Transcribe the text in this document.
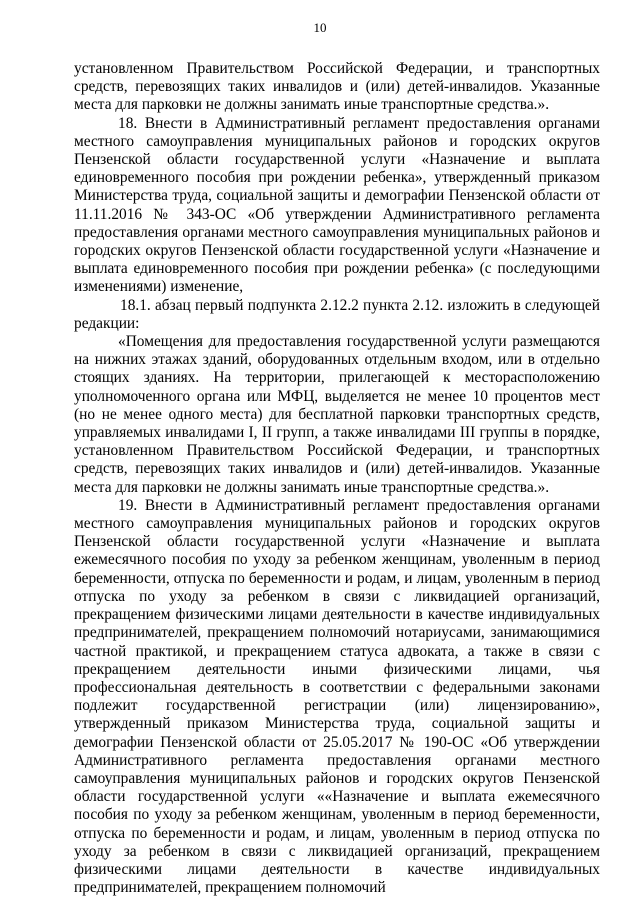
10

установленном Правительством Российской Федерации, и транспортных средств, перевозящих таких инвалидов и (или) детей-инвалидов. Указанные места для парковки не должны занимать иные транспортные средства.».

18. Внести в Административный регламент предоставления органами местного самоуправления муниципальных районов и городских округов Пензенской области государственной услуги «Назначение и выплата единовременного пособия при рождении ребенка», утвержденный приказом Министерства труда, социальной защиты и демографии Пензенской области от 11.11.2016 № 343-ОС «Об утверждении Административного регламента предоставления органами местного самоуправления муниципальных районов и городских округов Пензенской области государственной услуги «Назначение и выплата единовременного пособия при рождении ребенка» (с последующими изменениями) изменение,

18.1. абзац первый подпункта 2.12.2 пункта 2.12. изложить в следующей редакции:

«Помещения для предоставления государственной услуги размещаются на нижних этажах зданий, оборудованных отдельным входом, или в отдельно стоящих зданиях. На территории, прилегающей к месторасположению уполномоченного органа или МФЦ, выделяется не менее 10 процентов мест (но не менее одного места) для бесплатной парковки транспортных средств, управляемых инвалидами I, II групп, а также инвалидами III группы в порядке, установленном Правительством Российской Федерации, и транспортных средств, перевозящих таких инвалидов и (или) детей-инвалидов. Указанные места для парковки не должны занимать иные транспортные средства.».

19. Внести в Административный регламент предоставления органами местного самоуправления муниципальных районов и городских округов Пензенской области государственной услуги «Назначение и выплата ежемесячного пособия по уходу за ребенком женщинам, уволенным в период беременности, отпуска по беременности и родам, и лицам, уволенным в период отпуска по уходу за ребенком в связи с ликвидацией организаций, прекращением физическими лицами деятельности в качестве индивидуальных предпринимателей, прекращением полномочий нотариусами, занимающимися частной практикой, и прекращением статуса адвоката, а также в связи с прекращением деятельности иными физическими лицами, чья профессиональная деятельность в соответствии с федеральными законами подлежит государственной регистрации (или) лицензированию», утвержденный приказом Министерства труда, социальной защиты и демографии Пензенской области от 25.05.2017 № 190-ОС «Об утверждении Административного регламента предоставления органами местного самоуправления муниципальных районов и городских округов Пензенской области государственной услуги ««Назначение и выплата ежемесячного пособия по уходу за ребенком женщинам, уволенным в период беременности, отпуска по беременности и родам, и лицам, уволенным в период отпуска по уходу за ребенком в связи с ликвидацией организаций, прекращением физическими лицами деятельности в качестве индивидуальных предпринимателей, прекращением полномочий
